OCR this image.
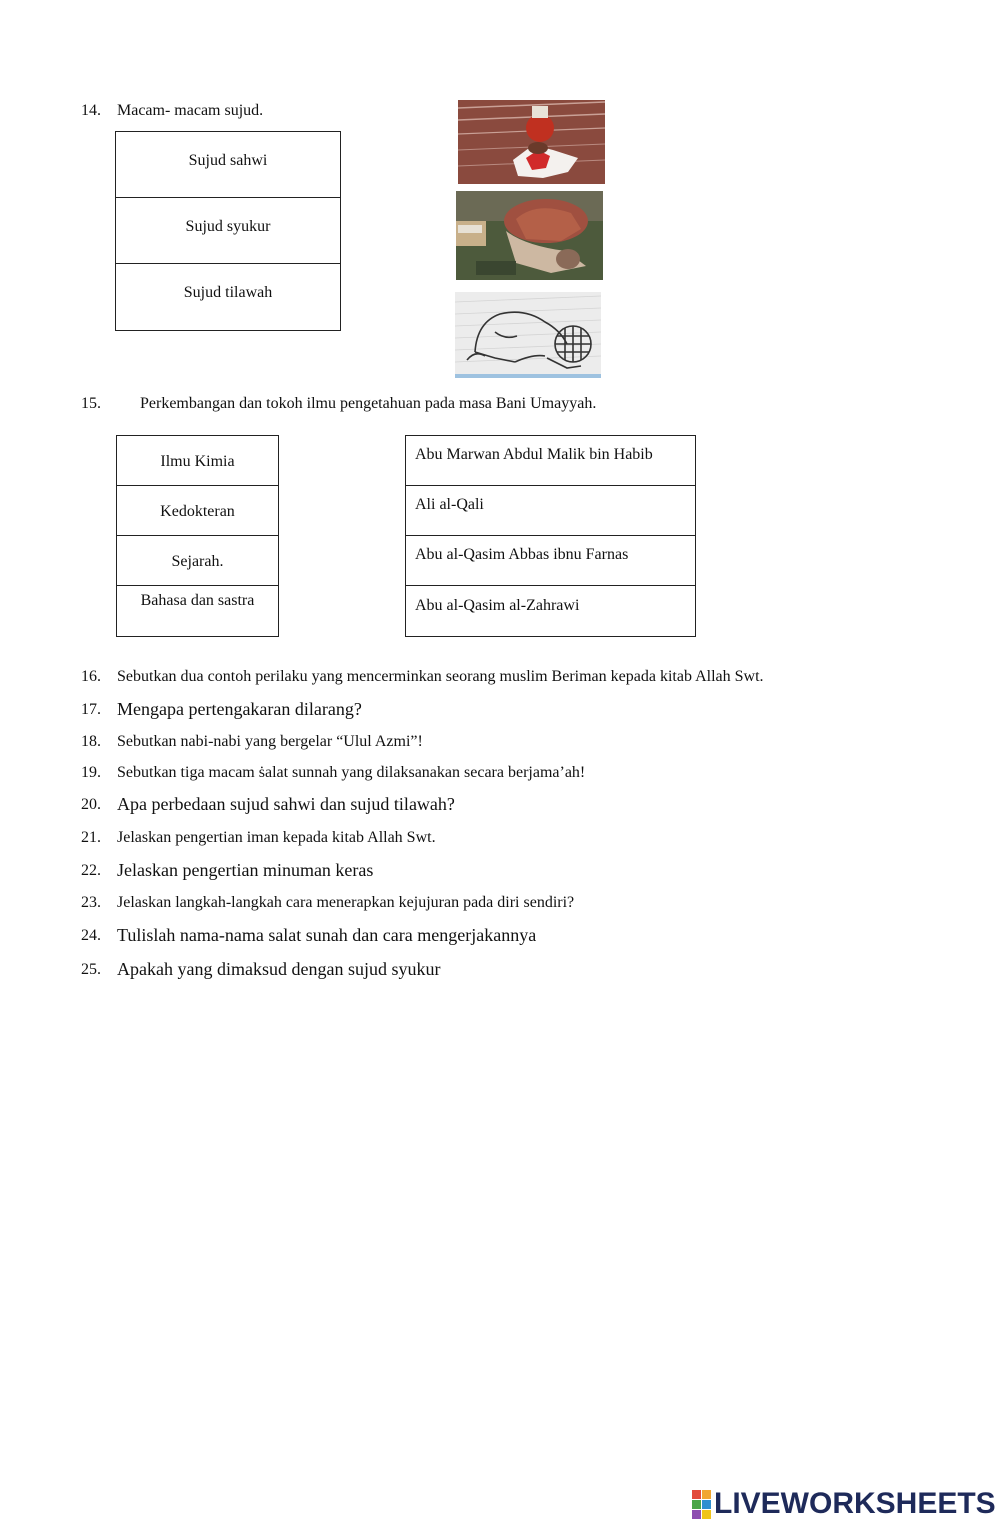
14. Macam- macam sujud.
Sujud sahwi
Sujud syukur
Sujud tilawah
15. Perkembangan dan tokoh ilmu pengetahuan pada masa Bani Umayyah.
Ilmu Kimia
Kedokteran
Sejarah.
Bahasa dan sastra
Abu Marwan Abdul Malik bin Habib
Ali al-Qali
Abu al-Qasim Abbas ibnu Farnas
Abu al-Qasim al-Zahrawi
16. Sebutkan dua contoh perilaku yang mencerminkan seorang muslim Beriman kepada kitab Allah Swt.
17. Mengapa pertengakaran dilarang?
18. Sebutkan nabi-nabi yang bergelar “Ulul Azmi”!
19. Sebutkan tiga macam ṡalat sunnah yang dilaksanakan secara berjama’ah!
20. Apa perbedaan sujud sahwi dan sujud tilawah?
21. Jelaskan pengertian iman kepada kitab Allah Swt.
22. Jelaskan pengertian minuman keras
23. Jelaskan langkah-langkah cara menerapkan kejujuran pada diri sendiri?
24. Tulislah nama-nama salat sunah dan cara mengerjakannya
25. Apakah yang dimaksud dengan sujud syukur
LIVEWORKSHEETS
